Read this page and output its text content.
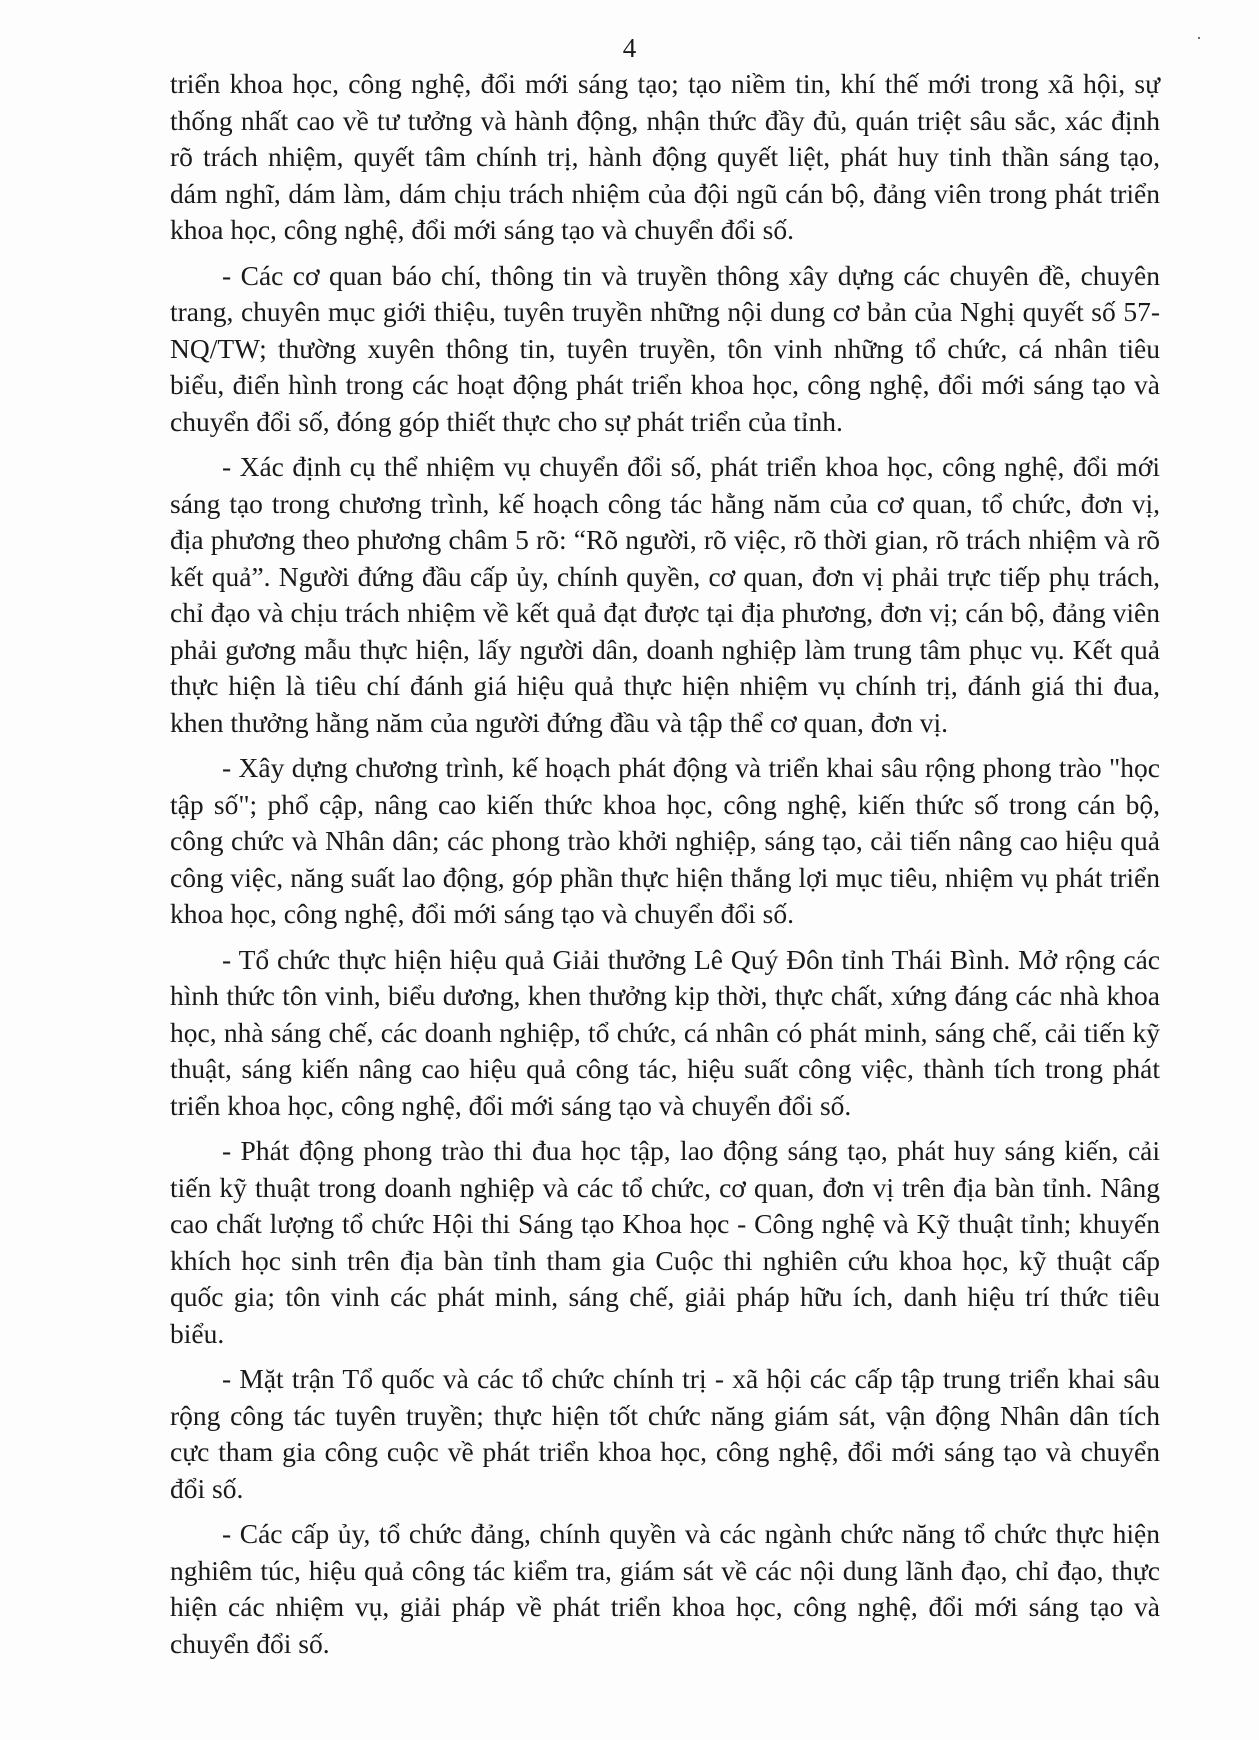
4	·

triển khoa học, công nghệ, đổi mới sáng tạo; tạo niềm tin, khí thế mới trong xã hội, sự thống nhất cao về tư tưởng và hành động, nhận thức đầy đủ, quán triệt sâu sắc, xác định rõ trách nhiệm, quyết tâm chính trị, hành động quyết liệt, phát huy tinh thần sáng tạo, dám nghĩ, dám làm, dám chịu trách nhiệm của đội ngũ cán bộ, đảng viên trong phát triển khoa học, công nghệ, đổi mới sáng tạo và chuyển đổi số.

- Các cơ quan báo chí, thông tin và truyền thông xây dựng các chuyên đề, chuyên trang, chuyên mục giới thiệu, tuyên truyền những nội dung cơ bản của Nghị quyết số 57-NQ/TW; thường xuyên thông tin, tuyên truyền, tôn vinh những tổ chức, cá nhân tiêu biểu, điển hình trong các hoạt động phát triển khoa học, công nghệ, đổi mới sáng tạo và chuyển đổi số, đóng góp thiết thực cho sự phát triển của tỉnh.

- Xác định cụ thể nhiệm vụ chuyển đổi số, phát triển khoa học, công nghệ, đổi mới sáng tạo trong chương trình, kế hoạch công tác hằng năm của cơ quan, tổ chức, đơn vị, địa phương theo phương châm 5 rõ: “Rõ người, rõ việc, rõ thời gian, rõ trách nhiệm và rõ kết quả”. Người đứng đầu cấp ủy, chính quyền, cơ quan, đơn vị phải trực tiếp phụ trách, chỉ đạo và chịu trách nhiệm về kết quả đạt được tại địa phương, đơn vị; cán bộ, đảng viên phải gương mẫu thực hiện, lấy người dân, doanh nghiệp làm trung tâm phục vụ. Kết quả thực hiện là tiêu chí đánh giá hiệu quả thực hiện nhiệm vụ chính trị, đánh giá thi đua, khen thưởng hằng năm của người đứng đầu và tập thể cơ quan, đơn vị.

- Xây dựng chương trình, kế hoạch phát động và triển khai sâu rộng phong trào "học tập số"; phổ cập, nâng cao kiến thức khoa học, công nghệ, kiến thức số trong cán bộ, công chức và Nhân dân; các phong trào khởi nghiệp, sáng tạo, cải tiến nâng cao hiệu quả công việc, năng suất lao động, góp phần thực hiện thắng lợi mục tiêu, nhiệm vụ phát triển khoa học, công nghệ, đổi mới sáng tạo và chuyển đổi số.

- Tổ chức thực hiện hiệu quả Giải thưởng Lê Quý Đôn tỉnh Thái Bình. Mở rộng các hình thức tôn vinh, biểu dương, khen thưởng kịp thời, thực chất, xứng đáng các nhà khoa học, nhà sáng chế, các doanh nghiệp, tổ chức, cá nhân có phát minh, sáng chế, cải tiến kỹ thuật, sáng kiến nâng cao hiệu quả công tác, hiệu suất công việc, thành tích trong phát triển khoa học, công nghệ, đổi mới sáng tạo và chuyển đổi số.

- Phát động phong trào thi đua học tập, lao động sáng tạo, phát huy sáng kiến, cải tiến kỹ thuật trong doanh nghiệp và các tổ chức, cơ quan, đơn vị trên địa bàn tỉnh. Nâng cao chất lượng tổ chức Hội thi Sáng tạo Khoa học - Công nghệ và Kỹ thuật tỉnh; khuyến khích học sinh trên địa bàn tỉnh tham gia Cuộc thi nghiên cứu khoa học, kỹ thuật cấp quốc gia; tôn vinh các phát minh, sáng chế, giải pháp hữu ích, danh hiệu trí thức tiêu biểu.

- Mặt trận Tổ quốc và các tổ chức chính trị - xã hội các cấp tập trung triển khai sâu rộng công tác tuyên truyền; thực hiện tốt chức năng giám sát, vận động Nhân dân tích cực tham gia công cuộc về phát triển khoa học, công nghệ, đổi mới sáng tạo và chuyển đổi số.

- Các cấp ủy, tổ chức đảng, chính quyền và các ngành chức năng tổ chức thực hiện nghiêm túc, hiệu quả công tác kiểm tra, giám sát về các nội dung lãnh đạo, chỉ đạo, thực hiện các nhiệm vụ, giải pháp về phát triển khoa học, công nghệ, đổi mới sáng tạo và chuyển đổi số.
